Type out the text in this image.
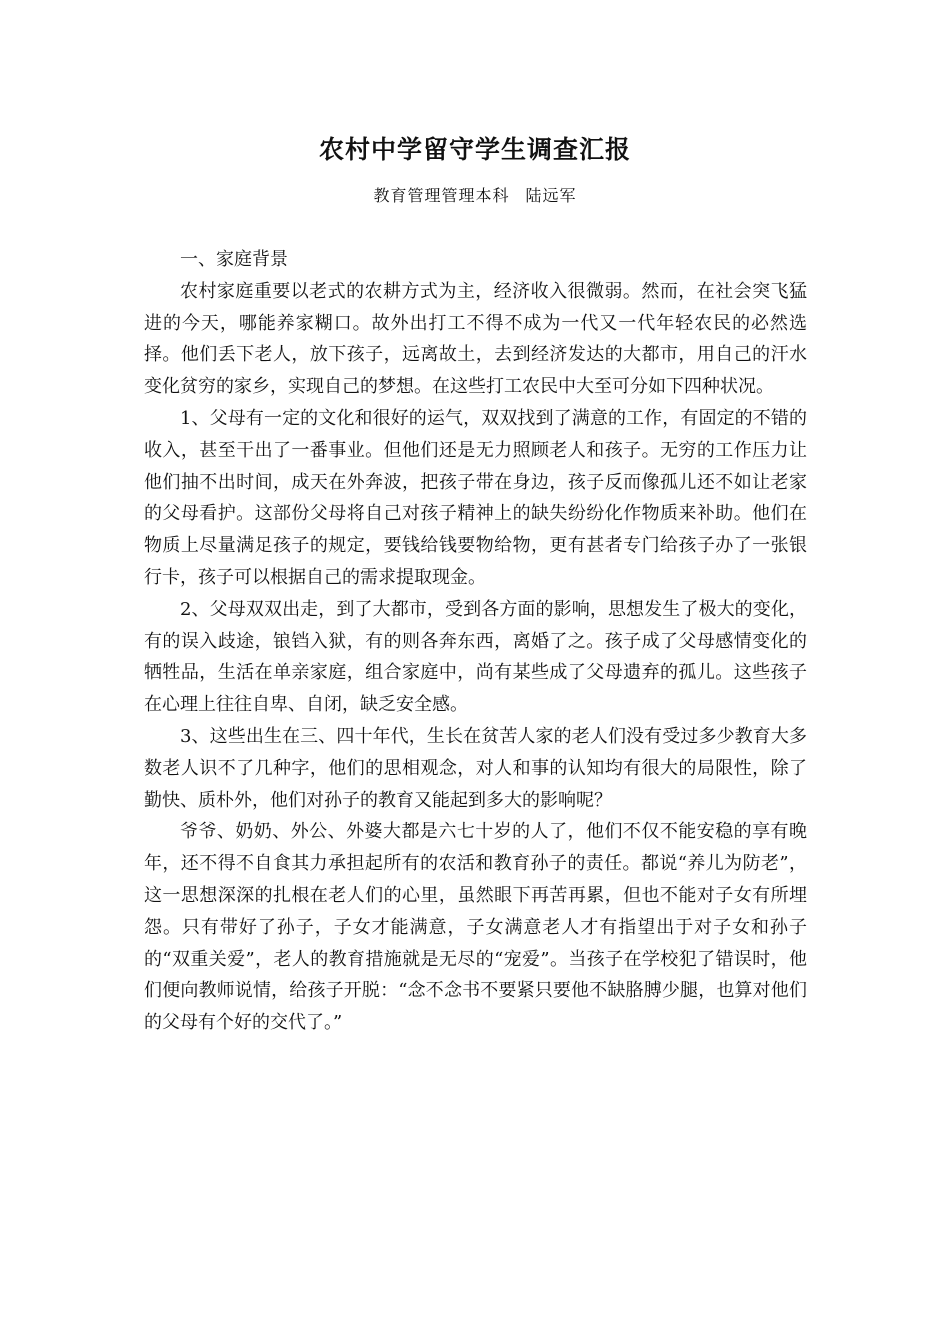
农村中学留守学生调查汇报
教育管理管理本科 陆远军

一、家庭背景

农村家庭重要以老式的农耕方式为主，经济收入很微弱。然而，在社会突飞猛进的今天，哪能养家糊口。故外出打工不得不成为一代又一代年轻农民的必然选择。他们丢下老人，放下孩子，远离故土，去到经济发达的大都市，用自己的汗水变化贫穷的家乡，实现自己的梦想。在这些打工农民中大至可分如下四种状况。

1、父母有一定的文化和很好的运气，双双找到了满意的工作，有固定的不错的收入，甚至干出了一番事业。但他们还是无力照顾老人和孩子。无穷的工作压力让他们抽不出时间，成天在外奔波，把孩子带在身边，孩子反而像孤儿还不如让老家的父母看护。这部份父母将自己对孩子精神上的缺失纷纷化作物质来补助。他们在物质上尽量满足孩子的规定，要钱给钱要物给物，更有甚者专门给孩子办了一张银行卡，孩子可以根据自己的需求提取现金。

2、父母双双出走，到了大都市，受到各方面的影响，思想发生了极大的变化，有的误入歧途，锒铛入狱，有的则各奔东西，离婚了之。孩子成了父母感情变化的牺牲品，生活在单亲家庭，组合家庭中，尚有某些成了父母遗弃的孤儿。这些孩子在心理上往往自卑、自闭，缺乏安全感。

3、这些出生在三、四十年代，生长在贫苦人家的老人们没有受过多少教育大多数老人识不了几种字，他们的思相观念，对人和事的认知均有很大的局限性，除了勤快、质朴外，他们对孙子的教育又能起到多大的影响呢？

爷爷、奶奶、外公、外婆大都是六七十岁的人了，他们不仅不能安稳的享有晚年，还不得不自食其力承担起所有的农活和教育孙子的责任。都说“养儿为防老”，这一思想深深的扎根在老人们的心里，虽然眼下再苦再累，但也不能对子女有所埋怨。只有带好了孙子，子女才能满意，子女满意老人才有指望出于对子女和孙子的“双重关爱”，老人的教育措施就是无尽的“宠爱”。当孩子在学校犯了错误时，他们便向教师说情，给孩子开脱：“念不念书不要紧只要他不缺胳膊少腿，也算对他们的父母有个好的交代了。”
